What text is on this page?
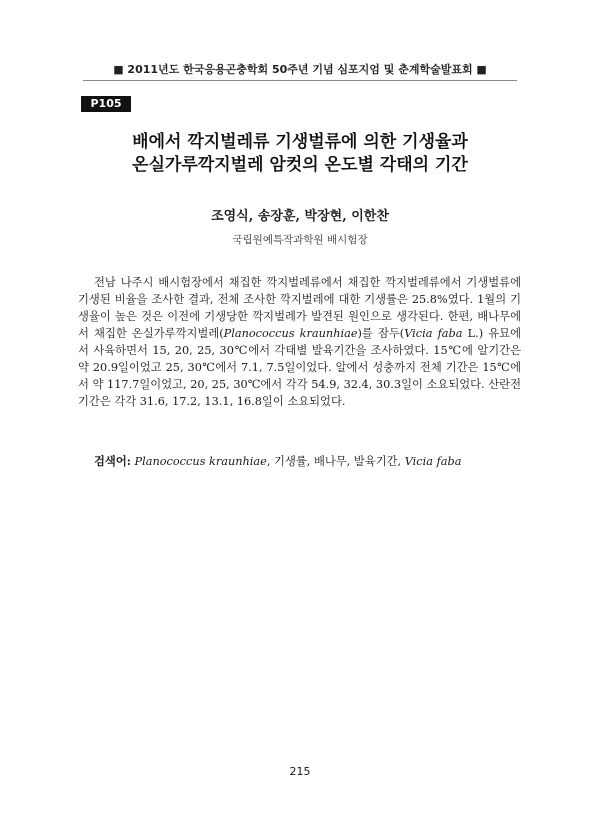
■ 2011년도 한국응용곤충학회 50주년 기념 심포지엄 및 춘계학술발표회 ■
P105
배에서 깍지벌레류 기생벌류에 의한 기생율과
온실가루깍지벌레 암컷의 온도별 각태의 기간
조영식, 송장훈, 박장현, 이한찬
국립원예특작과학원 배시험장

전남 나주시 배시험장에서 채집한 깍지벌레류에서 채집한 깍지벌레류에서 기생벌류에 기생된 비율을 조사한 결과, 전체 조사한 깍지벌레에 대한 기생률은 25.8%였다. 1월의 기생율이 높은 것은 이전에 기생당한 깍지벌레가 발견된 원인으로 생각된다. 한편, 배나무에서 채집한 온실가루깍지벌레(Planococcus kraunhiae)를 잠두(Vicia faba L.) 유묘에서 사육하면서 15, 20, 25, 30℃에서 각태별 발육기간을 조사하였다. 15℃에 알기간은 약 20.9일이었고 25, 30℃에서 7.1, 7.5일이었다. 알에서 성충까지 전체 기간은 15℃에서 약 117.7일이었고, 20, 25, 30℃에서 각각 54.9, 32.4, 30.3일이 소요되었다. 산란전 기간은 각각 31.6, 17.2, 13.1, 16.8일이 소요되었다.

검색어: Planococcus kraunhiae, 기생률, 배나무, 발육기간, Vicia faba
215
